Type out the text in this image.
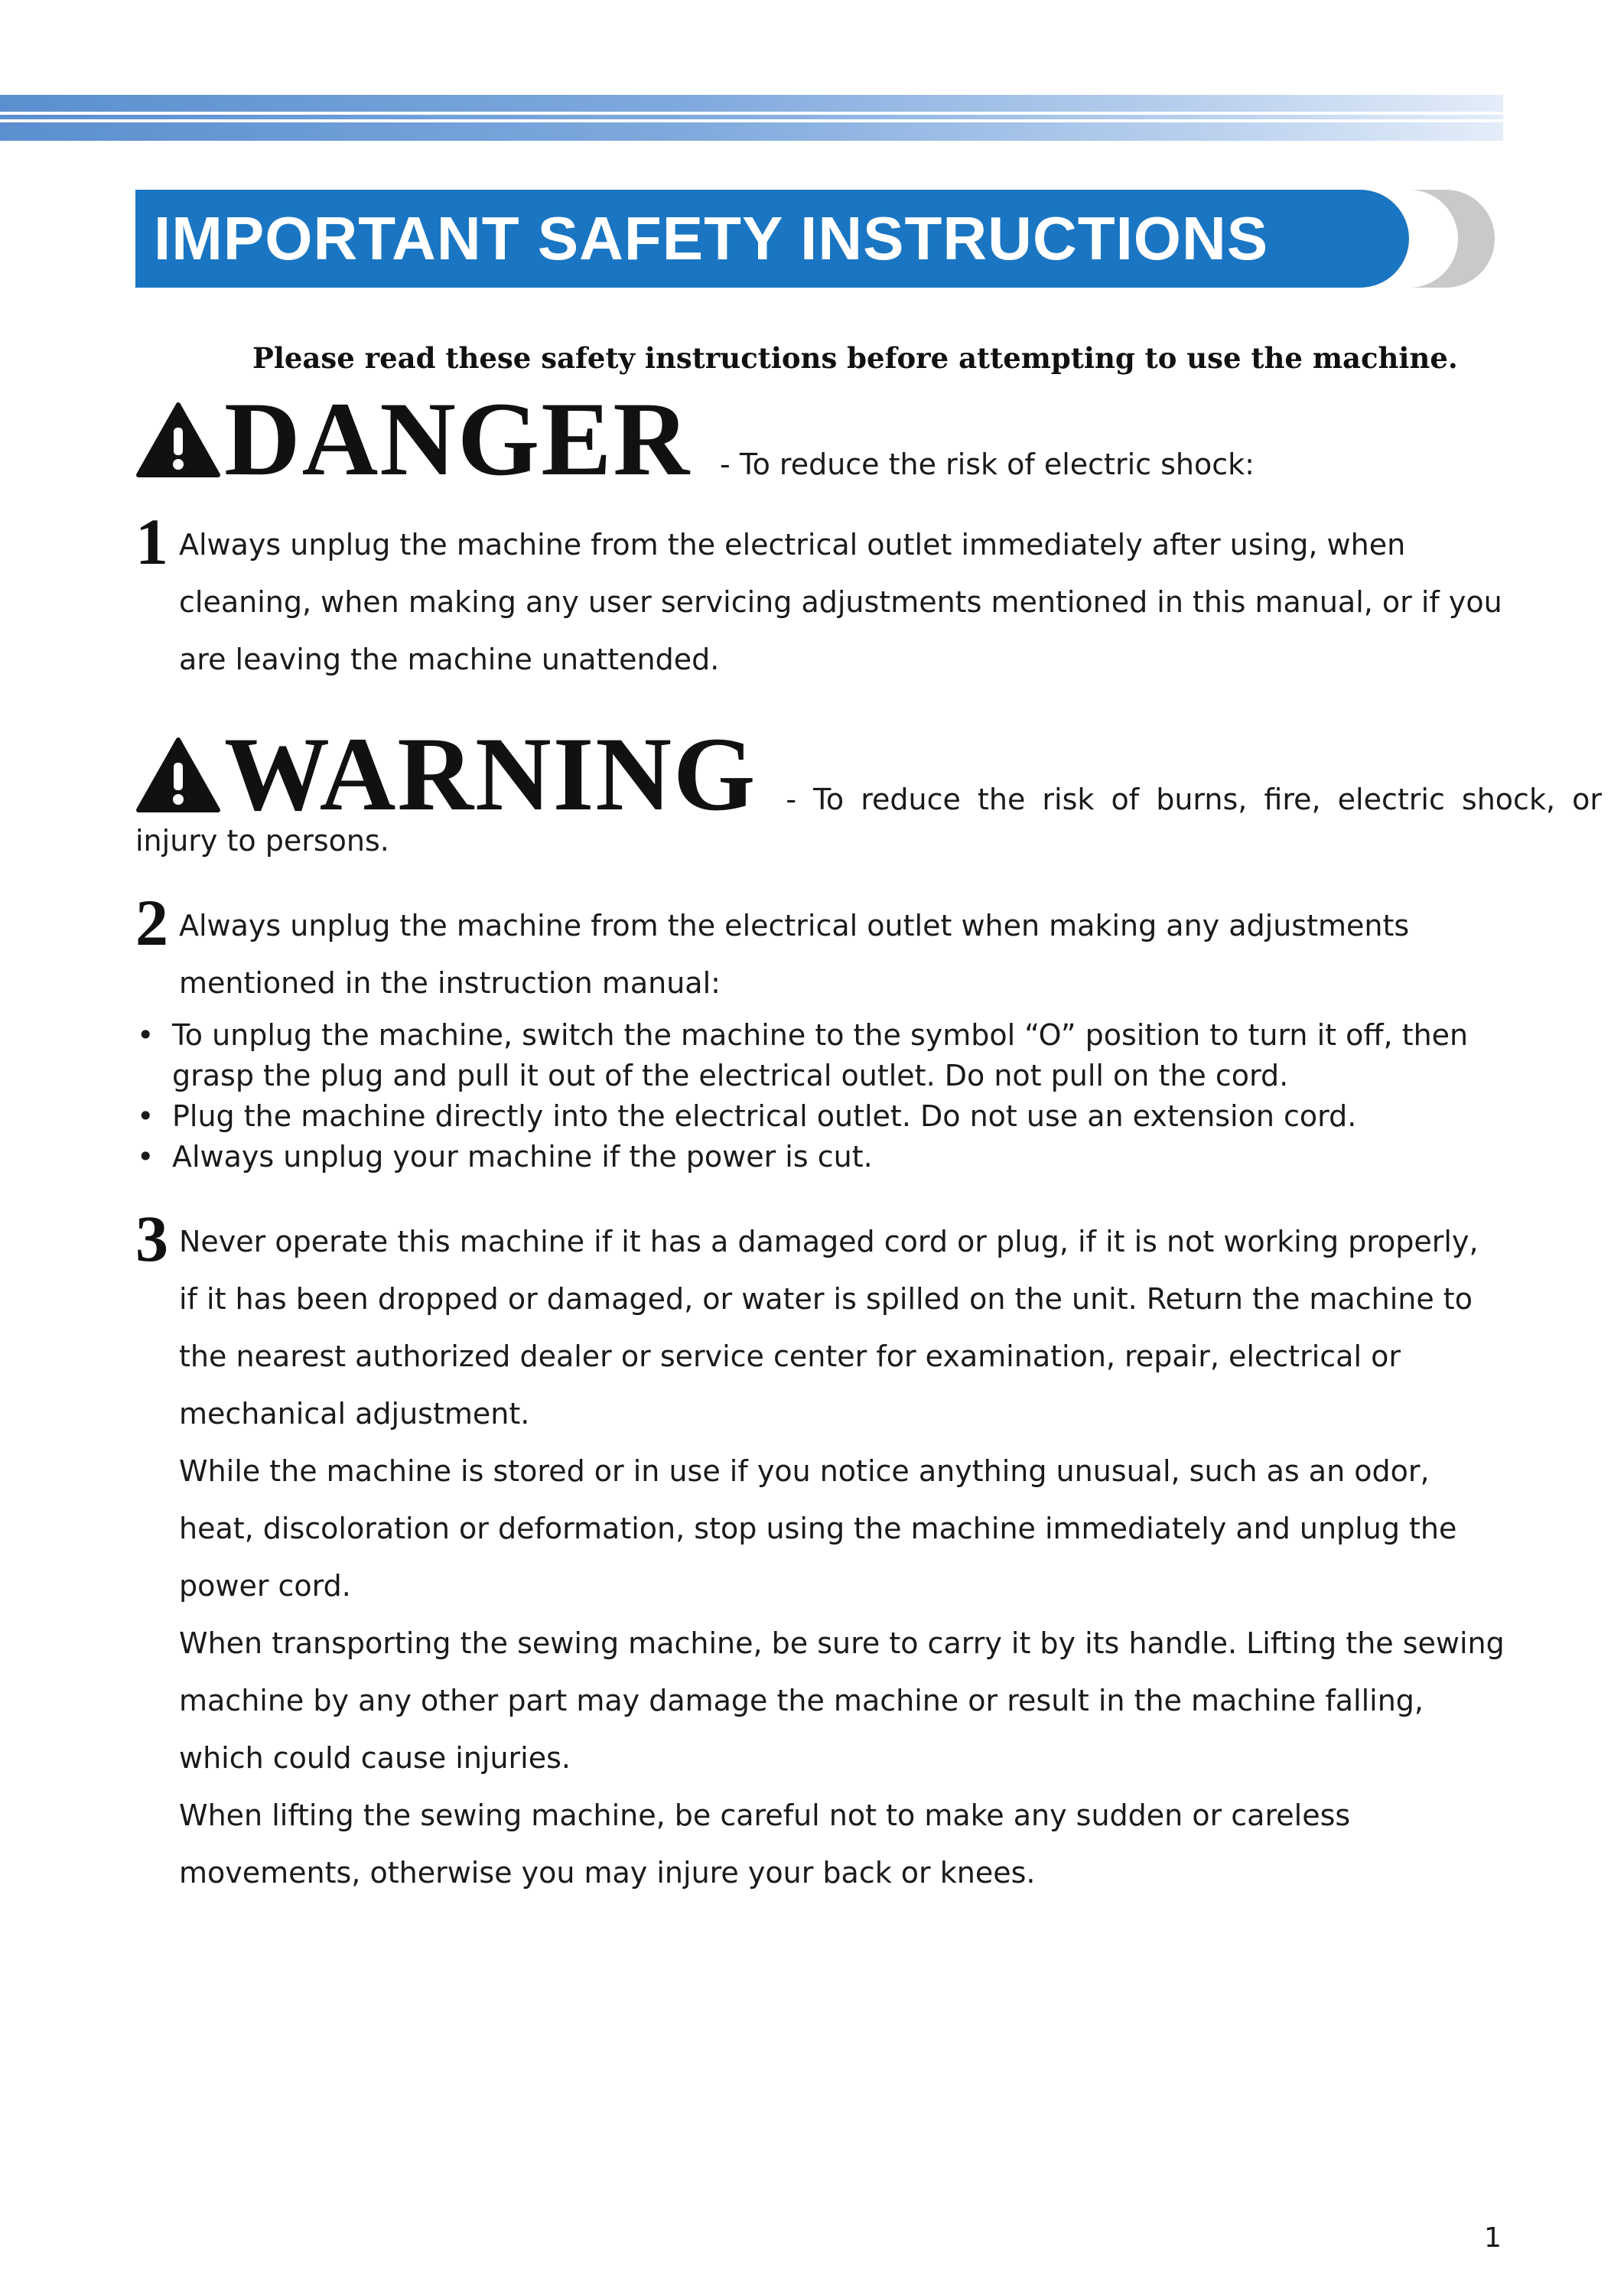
IMPORTANT SAFETY INSTRUCTIONS
Please read these safety instructions before attempting to use the machine.
DANGER - To reduce the risk of electric shock:
1 Always unplug the machine from the electrical outlet immediately after using, when cleaning, when making any user servicing adjustments mentioned in this manual, or if you are leaving the machine unattended.
WARNING - To reduce the risk of burns, fire, electric shock, or
injury to persons.
2 Always unplug the machine from the electrical outlet when making any adjustments mentioned in the instruction manual:
• To unplug the machine, switch the machine to the symbol “O” position to turn it off, then grasp the plug and pull it out of the electrical outlet. Do not pull on the cord.
• Plug the machine directly into the electrical outlet. Do not use an extension cord.
• Always unplug your machine if the power is cut.
3 Never operate this machine if it has a damaged cord or plug, if it is not working properly, if it has been dropped or damaged, or water is spilled on the unit. Return the machine to the nearest authorized dealer or service center for examination, repair, electrical or mechanical adjustment.

While the machine is stored or in use if you notice anything unusual, such as an odor, heat, discoloration or deformation, stop using the machine immediately and unplug the power cord.

When transporting the sewing machine, be sure to carry it by its handle. Lifting the sewing machine by any other part may damage the machine or result in the machine falling, which could cause injuries.

When lifting the sewing machine, be careful not to make any sudden or careless movements, otherwise you may injure your back or knees.

1
